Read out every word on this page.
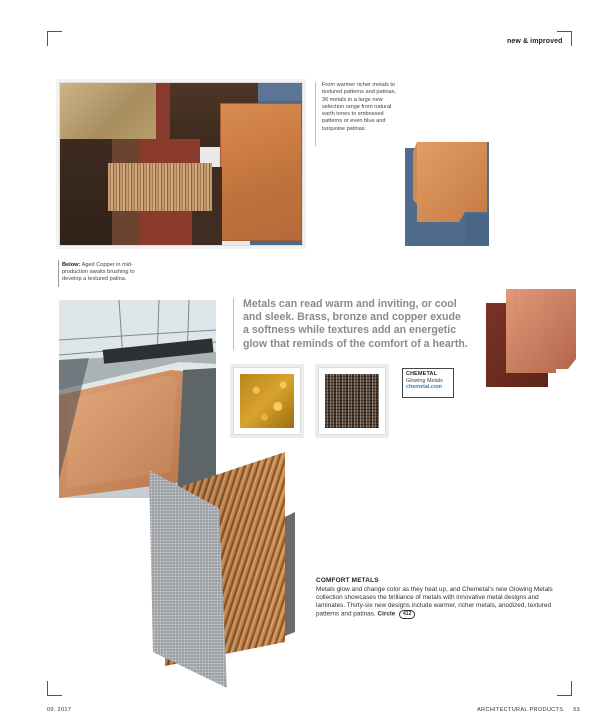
new & improved
From warmer richer metals to textured patterns and patinas, 36 metals in a large new selection range from natural earth tones to embossed patterns or even blue and turquoise patinas.
Below: Aged Copper in mid-production awaits brushing to develop a textured patina.
Metals can read warm and inviting, or cool and sleek. Brass, bronze and copper exude a softness while textures add an energetic glow that reminds of the comfort of a hearth.
CHEMETAL
Glowing Metals
chemetal.com
COMFORT METALS
Metals glow and change color as they heat up, and Chemetal's new Glowing Metals collection showcases the brilliance of metals with innovative metal designs and laminates. Thirty-six new designs include warmer, richer metals, anodized, textured patterns and patinas. Circle 412
09. 2017	ARCHITECTURAL PRODUCTS 53
